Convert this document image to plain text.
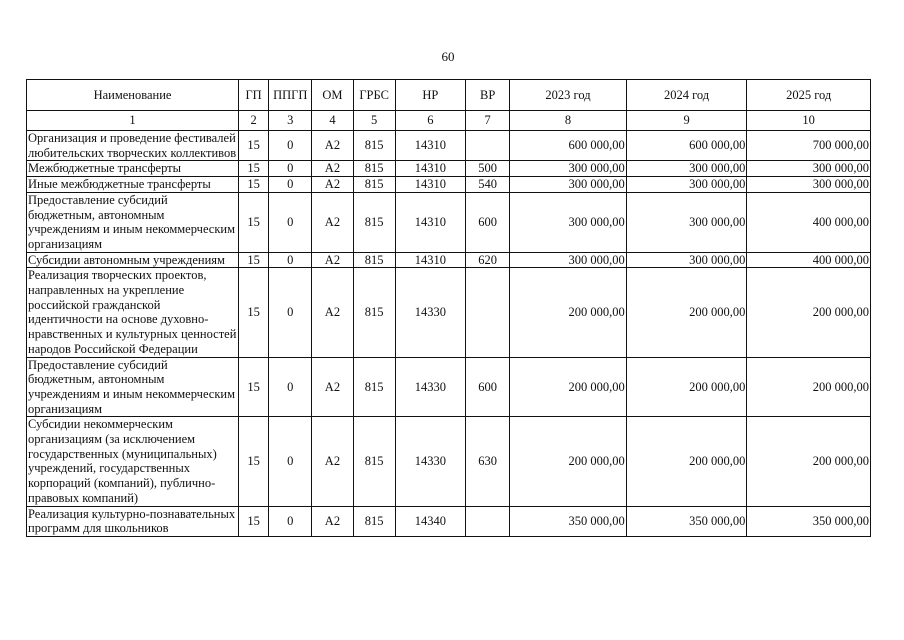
60
Наименование	ГП	ППГП	ОМ	ГРБС	НР	ВР	2023 год	2024 год	2025 год
1	2	3	4	5	6	7	8	9	10
Организация и проведение фестивалей любительских творческих коллективов	15	0	А2	815	14310		600 000,00	600 000,00	700 000,00
Межбюджетные трансферты	15	0	А2	815	14310	500	300 000,00	300 000,00	300 000,00
Иные межбюджетные трансферты	15	0	А2	815	14310	540	300 000,00	300 000,00	300 000,00
Предоставление субсидий бюджетным, автономным учреждениям и иным некоммерческим организациям	15	0	А2	815	14310	600	300 000,00	300 000,00	400 000,00
Субсидии автономным учреждениям	15	0	А2	815	14310	620	300 000,00	300 000,00	400 000,00
Реализация творческих проектов, направленных на укрепление российской гражданской идентичности на основе духовно-нравственных и культурных ценностей народов Российской Федерации	15	0	А2	815	14330		200 000,00	200 000,00	200 000,00
Предоставление субсидий бюджетным, автономным учреждениям и иным некоммерческим организациям	15	0	А2	815	14330	600	200 000,00	200 000,00	200 000,00
Субсидии некоммерческим организациям (за исключением государственных (муниципальных) учреждений, государственных корпораций (компаний), публично-правовых компаний)	15	0	А2	815	14330	630	200 000,00	200 000,00	200 000,00
Реализация культурно-познавательных программ для школьников	15	0	А2	815	14340		350 000,00	350 000,00	350 000,00
